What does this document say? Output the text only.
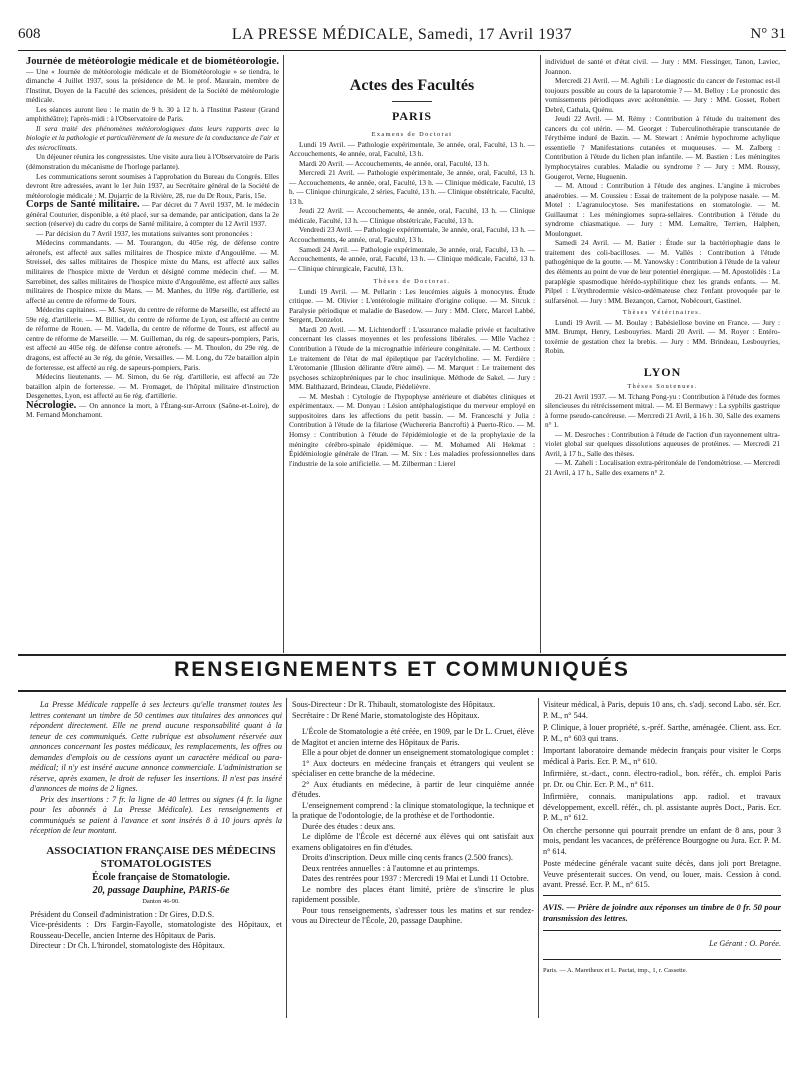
608	LA PRESSE MÉDICALE, Samedi, 17 Avril 1937	N° 31

Journée de météorologie médicale et de biométéorologie. — Une « Journée de météorologie médicale et de Biométéorologie » se tiendra, le dimanche 4 Juillet 1937, sous la présidence de M. le prof. Maurain, membre de l'Institut, Doyen de la Faculté des sciences, président de la Société de météorologie médicale.

Les séances auront lieu : le matin de 9 h. 30 à 12 h. à l'Institut Pasteur (Grand amphithéâtre); l'après-midi : à l'Observatoire de Paris.

Il sera traité des phénomènes météorologiques dans leurs rapports avec la biologie et la pathologie et particulièrement de la mesure de la conductance de l'air et des microclimats.

Un déjeuner réunira les congressistes. Une visite aura lieu à l'Observatoire de Paris (démonstration du mécanisme de l'horloge parlante).

Les communications seront soumises à l'approbation du Bureau du Congrès. Elles devront être adressées, avant le 1er Juin 1937, au Secrétaire général de la Société de météorologie médicale : M. Dujarric de la Rivière, 28, rue du Dr Roux, Paris, 15e.

Corps de Santé militaire. — Par décret du 7 Avril 1937, M. le médecin général Couturier, disponible, a été placé, sur sa demande, par anticipation, dans la 2e section (réserve) du cadre du corps de Santé militaire, à compter du 12 Avril 1937.

— Par décision du 7 Avril 1937, les mutations suivantes sont prononcées :

Médecins commandants. — M. Tourangon, du 405e rég. de défense contre aéronefs, est affecté aux salles militaires de l'hospice mixte d'Angoulême. — M. Streissel, des salles militaires de l'hospice mixte du Mans, est affecté aux salles militaires de l'hospice mixte de Verdun et désigné comme médecin chef. — M. Sarrebinet, des salles militaires de l'hospice mixte d'Angoulême, est affecté aux salles militaires de l'hospice mixte du Mans. — M. Manhes, du 109e rég. d'artillerie, est affecté au centre de réforme de Tours.

Médecins capitaines. — M. Sayer, du centre de réforme de Marseille, est affecté au 59e rég. d'artillerie. — M. Billiet, du centre de réforme de Lyon, est affecté au centre de réforme de Rouen. — M. Vadella, du centre de réforme de Tours, est affecté au centre de réforme de Marseille. — M. Guilleman, du rég. de sapeurs-pompiers, Paris, est affecté au 405e rég. de défense contre aéronefs. — M. Thoulon, du 29e rég. de dragons, est affecté au 3e rég. du génie, Versailles. — M. Long, du 72e bataillon alpin de forteresse, est affecté au rég. de sapeurs-pompiers, Paris.

Médecins lieutenants. — M. Simon, du 6e rég. d'artillerie, est affecté au 72e bataillon alpin de forteresse. — M. Fromaget, de l'hôpital militaire d'instruction Desgenettes, Lyon, est affecté au 6e rég. d'artillerie.

Nécrologie. — On annonce la mort, à l'Étang-sur-Arroux (Saône-et-Loire), de M. Fernand Monchamont.

Actes des Facultés

PARIS

Examens de Doctorat

Lundi 19 Avril. — Pathologie expérimentale, 3e année, oral, Faculté, 13 h. — Accouchements, 4e année, oral, Faculté, 13 h.

Mardi 20 Avril. — Accouchements, 4e année, oral, Faculté, 13 h.

Mercredi 21 Avril. — Pathologie expérimentale, 3e année, oral, Faculté, 13 h. — Accouchements, 4e année, oral, Faculté, 13 h. — Clinique médicale, Faculté, 13 h. — Clinique chirurgicale, 2 séries, Faculté, 13 h. — Clinique obstétricale, Faculté, 13 h.

Jeudi 22 Avril. — Accouchements, 4e année, oral, Faculté, 13 h. — Clinique médicale, Faculté, 13 h. — Clinique obstétricale, Faculté, 13 h.

Vendredi 23 Avril. — Pathologie expérimentale, 3e année, oral, Faculté, 13 h. — Accouchements, 4e année, oral, Faculté, 13 h.

Samedi 24 Avril. — Pathologie expérimentale, 3e année, oral, Faculté, 13 h. — Accouchements, 4e année, oral, Faculté, 13 h. — Clinique médicale, Faculté, 13 h. — Clinique chirurgicale, Faculté, 13 h.

Thèses de Doctorat.

Lundi 19 Avril. — M. Pellarin : Les leucémies aiguës à monocytes. Étude critique. — M. Olivier : L'entérologie militaire d'origine colique. — M. Sitcuk : Paralysie périodique et maladie de Basedow. — Jury : MM. Clerc, Marcel Labbé, Sergent, Donzelot.

Mardi 20 Avril. — M. Lichtendorff : L'assurance maladie privée et facultative concernant les classes moyennes et les professions libérales. — Mlle Vachez : Contribution à l'étude de la micrognathie inférieure congénitale. — M. Certhoux : Le traitement de l'état de mal épileptique par l'acétylcholine. — M. Ferdière : L'érotomanie (Illusion délirante d'être aimé). — M. Marquet : Le traitement des psychoses schizophréniques par le choc insulinique. Méthode de Sakel. — Jury : MM. Balthazard, Brindeau, Claude, Piédelièvre.

— M. Mesbah : Cytologie de l'hypophyse antérieure et diabètes cliniques et expérimentaux. — M. Donyau : Lésion antéphalogistique du merveur employé en suppositoires dans les affections du petit bassin. — M. Franceschi y Julia : Contribution à l'étude de la filariose (Wuchereria Bancrofti) à Puerto-Rico. — M. Homsy : Contribution à l'étude de l'épidémiologie et de la prophylaxie de la méningite cérébro-spinale épidémique. — M. Mohamed Ali Hekmat : Épidémiologie générale de l'Iran. — M. Six : Les maladies professionnelles dans l'industrie de la soie artificielle. — M. Zilberman : Lierel

individuel de santé et d'état civil. — Jury : MM. Fiessinger, Tanon, Laviec, Joannon.

Mercredi 21 Avril. — M. Aghili : Le diagnostic du cancer de l'estomac est-il toujours possible au cours de la laparotomie ? — M. Belloy : Le pronostic des vomissements périodiques avec acétonémie. — Jury : MM. Gosset, Robert Debré, Cathala, Quénu.

Jeudi 22 Avril. — M. Rémy : Contribution à l'étude du traitement des cancers du col utérin. — M. Georget : Tuberculinothérapie transcutanée de l'érythème induré de Bazin. — M. Stewart : Anémie hypochrome achylique essentielle ? Manifestations cutanées et muqueuses. — M. Zalberg : Contribution à l'étude du lichen plan infantile. — M. Bastien : Les méningites lymphocytaires curables. Maladie ou syndrome ? — Jury : MM. Roussy, Gougerot, Verne, Huguenin.

— M. Attoud : Contribution à l'étude des angines. L'angine à microbes anaérobies. — M. Coussieu : Essai de traitement de la polypose nasale. — M. Motel : L'agranulocytose. Ses manifestations en stomatologie. — M. Guillaumat : Les méningiomes supra-sellaires. Contribution à l'étude du syndrome chiasmatique. — Jury : MM. Lemaître, Terrien, Halphen, Moulonguet.

Samedi 24 Avril. — M. Batier : Étude sur la bactériophagie dans le traitement des coli-bacilloses. — M. Vallès : Contribution à l'étude pathogénique de la goutte. — M. Yanowsky : Contribution à l'étude de la valeur des éléments au point de vue de leur potentiel énergique. — M. Apostolidès : La paraplégie spasmodique hérédo-syphilitique chez les grands enfants. — M. Pilpel : L'érythrodermie vésico-œdémateuse chez l'enfant provoquée par le sulfarsénol. — Jury : MM. Bezançon, Carnot, Nobécourt, Gastinel.

Thèses Vétérinaires.

Lundi 19 Avril. — M. Boulay : Babésiellose bovine en France. — Jury : MM. Brumpt, Henry, Lesbouyries. Mardi 20 Avril. — M. Royer : Entéro-toxémie de gestation chez la brebis. — Jury : MM. Brindeau, Lesbouyries, Robin.

LYON

Thèses Soutenues.

20-21 Avril 1937. — M. Tchang Pong-yu : Contribution à l'étude des formes silencieuses du rétrécissement mitral. — M. El Bermawy : La syphilis gastrique à forme pseudo-cancéreuse. — Mercredi 21 Avril, à 16 h. 30, Salle des examens n° 1.

— M. Desroches : Contribution à l'étude de l'action d'un rayonnement ultra-violet global sur quelques dissolutions aqueuses de protéines. — Mercredi 21 Avril, à 17 h., Salle des thèses.

— M. Zaheli : Localisation extra-péritonéale de l'endométriose. — Mercredi 21 Avril, à 17 h., Salle des examens n° 2.

RENSEIGNEMENTS ET COMMUNIQUÉS

La Presse Médicale rappelle à ses lecteurs qu'elle transmet toutes les lettres contenant un timbre de 50 centimes aux titulaires des annonces qui répondent directement. Elle ne prend aucune responsabilité quant à la teneur de ces communiqués. Cette rubrique est absolument réservée aux annonces concernant les postes médicaux, les remplacements, les offres ou demandes d'emplois ou de cessions ayant un caractère médical ou para-médical; il n'y est inséré aucune annonce commerciale. L'administration se réserve, après examen, le droit de refuser les insertions. Il n'est pas inséré d'annonces de moins de 2 lignes.

Prix des insertions : 7 fr. la ligne de 40 lettres ou signes (4 fr. la ligne pour les abonnés à La Presse Médicale). Les renseignements et communiqués se paient à l'avance et sont insérés 8 à 10 jours après la réception de leur montant.

ASSOCIATION FRANÇAISE DES MÉDECINS STOMATOLOGISTES

École française de Stomatologie.

20, passage Dauphine, PARIS-6e

Danton 46-90.

Président du Conseil d'administration : Dr Gires, D.D.S.

Vice-présidents : Drs Fargin-Fayolle, stomatologiste des Hôpitaux, et Rousseau-Decelle, ancien Interne des Hôpitaux de Paris.

Directeur : Dr Ch. L'hirondel, stomatologiste des Hôpitaux.

Sous-Directeur : Dr R. Thibault, stomatologiste des Hôpitaux.

Secrétaire : Dr René Marie, stomatologiste des Hôpitaux.

L'École de Stomatologie a été créée, en 1909, par le Dr L. Cruet, élève de Magitot et ancien interne des Hôpitaux de Paris.

Elle a pour objet de donner un enseignement stomatologique complet :

1° Aux docteurs en médecine français et étrangers qui veulent se spécialiser en cette branche de la médecine.

2° Aux étudiants en médecine, à partir de leur cinquième année d'études.

L'enseignement comprend : la clinique stomatologique, la technique et la pratique de l'odontologie, de la prothèse et de l'orthodontie.

Durée des études : deux ans.

Le diplôme de l'École est décerné aux élèves qui ont satisfait aux examens obligatoires en fin d'études.

Droits d'inscription. Deux mille cinq cents francs (2.500 francs).

Deux rentrées annuelles : à l'automne et au printemps.

Dates des rentrées pour 1937 : Mercredi 19 Mai et Lundi 11 Octobre.

Le nombre des places étant limité, prière de s'inscrire le plus rapidement possible.

Pour tous renseignements, s'adresser tous les matins et sur rendez-vous au Directeur de l'École, 20, passage Dauphine.

Visiteur médical, à Paris, depuis 10 ans, ch. s'adj. second Labo. sér. Ecr. P. M., n° 544.

P. Clinique, à louer propriété, s.-préf. Sarthe, aménagée. Client. ass. Ecr. P. M., n° 603 qui trans.

Important laboratoire demande médecin français pour visiter le Corps médical à Paris. Ecr. P. M., n° 610.

Infirmière, st.-dact., conn. électro-radiol., bon. référ., ch. emploi Paris pr. Dr. ou Chir. Ecr. P. M., n° 611.

Infirmière, connais. manipulations app. radiol. et travaux développement, excell. référ., ch. pl. assistante auprès Doct., Paris. Ecr. P. M., n° 612.

On cherche personne qui pourrait prendre un enfant de 8 ans, pour 3 mois, pendant les vacances, de préférence Bourgogne ou Jura. Ecr. P. M. n° 614.

Poste médecine générale vacant suite décès, dans joli port Bretagne. Veuve présenterait succes. On vend, ou louer, mais. Cession à cond. avant. Pressé. Ecr. P. M., n° 615.

AVIS. — Prière de joindre aux réponses un timbre de 0 fr. 50 pour transmission des lettres.

Le Gérant : O. Porée.

Paris. — A. Maretheux et L. Pactat, imp., 1, r. Cassette.
